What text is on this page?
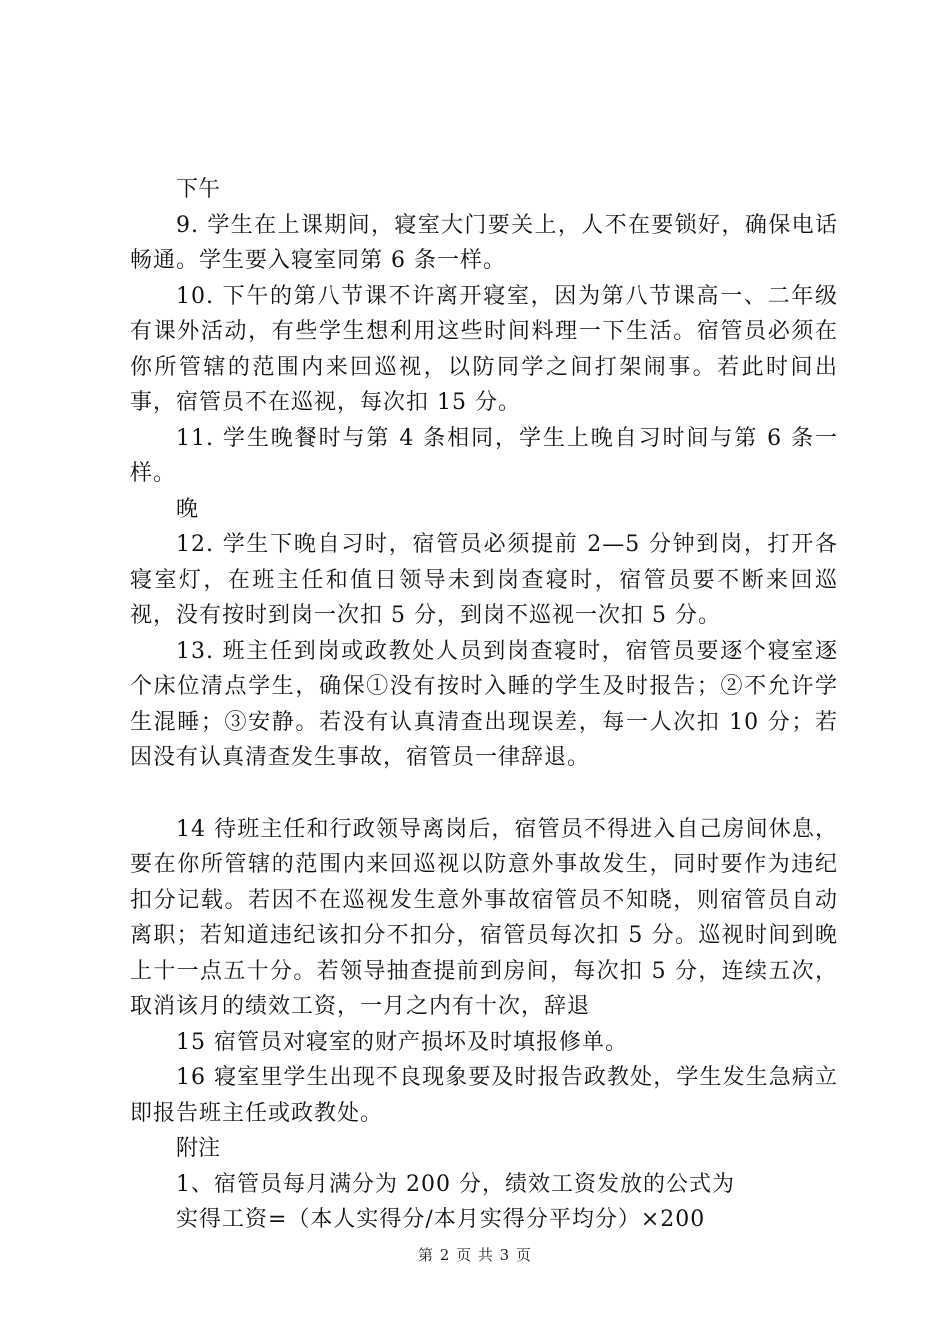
下午

9. 学生在上课期间，寝室大门要关上，人不在要锁好，确保电话畅通。学生要入寝室同第 6 条一样。

10. 下午的第八节课不许离开寝室，因为第八节课高一、二年级有课外活动，有些学生想利用这些时间料理一下生活。宿管员必须在你所管辖的范围内来回巡视，以防同学之间打架闹事。若此时间出事，宿管员不在巡视，每次扣 15 分。

11. 学生晚餐时与第 4 条相同，学生上晚自习时间与第 6 条一样。

晚

12. 学生下晚自习时，宿管员必须提前 2—5 分钟到岗，打开各寝室灯，在班主任和值日领导未到岗查寝时，宿管员要不断来回巡视，没有按时到岗一次扣 5 分，到岗不巡视一次扣 5 分。

13. 班主任到岗或政教处人员到岗查寝时，宿管员要逐个寝室逐个床位清点学生，确保①没有按时入睡的学生及时报告；②不允许学生混睡；③安静。若没有认真清查出现误差，每一人次扣 10 分；若因没有认真清查发生事故，宿管员一律辞退。

14 待班主任和行政领导离岗后，宿管员不得进入自己房间休息，要在你所管辖的范围内来回巡视以防意外事故发生，同时要作为违纪扣分记载。若因不在巡视发生意外事故宿管员不知晓，则宿管员自动离职；若知道违纪该扣分不扣分，宿管员每次扣 5 分。巡视时间到晚上十一点五十分。若领导抽查提前到房间，每次扣 5 分，连续五次，取消该月的绩效工资，一月之内有十次，辞退

15 宿管员对寝室的财产损坏及时填报修单。

16 寝室里学生出现不良现象要及时报告政教处，学生发生急病立即报告班主任或政教处。

附注

1、宿管员每月满分为 200 分，绩效工资发放的公式为

实得工资=（本人实得分/本月实得分平均分）×200

第 2 页 共 3 页
